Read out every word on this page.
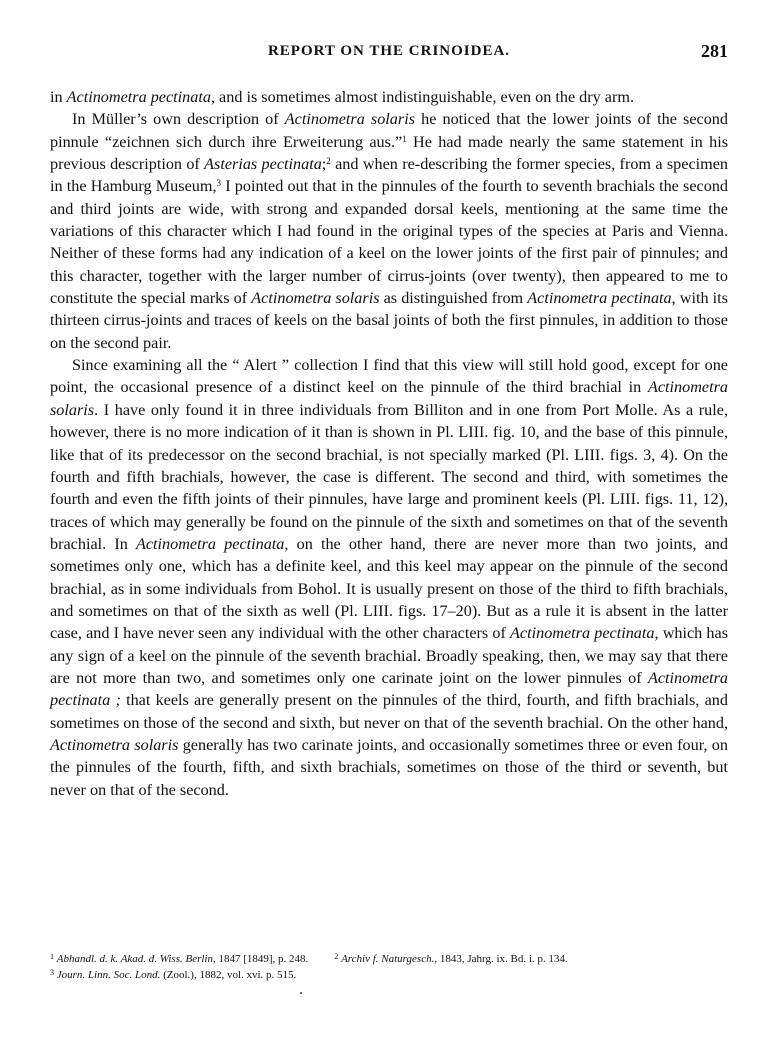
REPORT ON THE CRINOIDEA.	281

in Actinometra pectinata, and is sometimes almost indistinguishable, even on the dry arm.

In Müller’s own description of Actinometra solaris he noticed that the lower joints of the second pinnule “zeichnen sich durch ihre Erweiterung aus.”$^1$ He had made nearly the same statement in his previous description of Asterias pectinata;$^2$ and when re-describing the former species, from a specimen in the Hamburg Museum,$^3$ I pointed out that in the pinnules of the fourth to seventh brachials the second and third joints are wide, with strong and expanded dorsal keels, mentioning at the same time the variations of this character which I had found in the original types of the species at Paris and Vienna. Neither of these forms had any indication of a keel on the lower joints of the first pair of pinnules; and this character, together with the larger number of cirrus-joints (over twenty), then appeared to me to constitute the special marks of Actinometra solaris as distinguished from Actinometra pectinata, with its thirteen cirrus-joints and traces of keels on the basal joints of both the first pinnules, in addition to those on the second pair.

Since examining all the “ Alert ” collection I find that this view will still hold good, except for one point, the occasional presence of a distinct keel on the pinnule of the third brachial in Actinometra solaris. I have only found it in three individuals from Billiton and in one from Port Molle. As a rule, however, there is no more indication of it than is shown in Pl. LIII. fig. 10, and the base of this pinnule, like that of its predecessor on the second brachial, is not specially marked (Pl. LIII. figs. 3, 4). On the fourth and fifth brachials, however, the case is different. The second and third, with sometimes the fourth and even the fifth joints of their pinnules, have large and prominent keels (Pl. LIII. figs. 11, 12), traces of which may generally be found on the pinnule of the sixth and sometimes on that of the seventh brachial. In Actinometra pectinata, on the other hand, there are never more than two joints, and sometimes only one, which has a definite keel, and this keel may appear on the pinnule of the second brachial, as in some individuals from Bohol. It is usually present on those of the third to fifth brachials, and sometimes on that of the sixth as well (Pl. LIII. figs. 17–20). But as a rule it is absent in the latter case, and I have never seen any individual with the other characters of Actinometra pectinata, which has any sign of a keel on the pinnule of the seventh brachial. Broadly speaking, then, we may say that there are not more than two, and sometimes only one carinate joint on the lower pinnules of Actinometra pectinata ; that keels are generally present on the pinnules of the third, fourth, and fifth brachials, and sometimes on those of the second and sixth, but never on that of the seventh brachial. On the other hand, Actinometra solaris generally has two carinate joints, and occasionally sometimes three or even four, on the pinnules of the fourth, fifth, and sixth brachials, sometimes on those of the third or seventh, but never on that of the second.

$^1$ Abhandl. d. k. Akad. d. Wiss. Berlin, 1847 [1849], p. 248.	$^2$ Archiv f. Naturgesch., 1843, Jahrg. ix. Bd. i. p. 134.
$^3$ Journ. Linn. Soc. Lond. (Zool.), 1882, vol. xvi. p. 515.
